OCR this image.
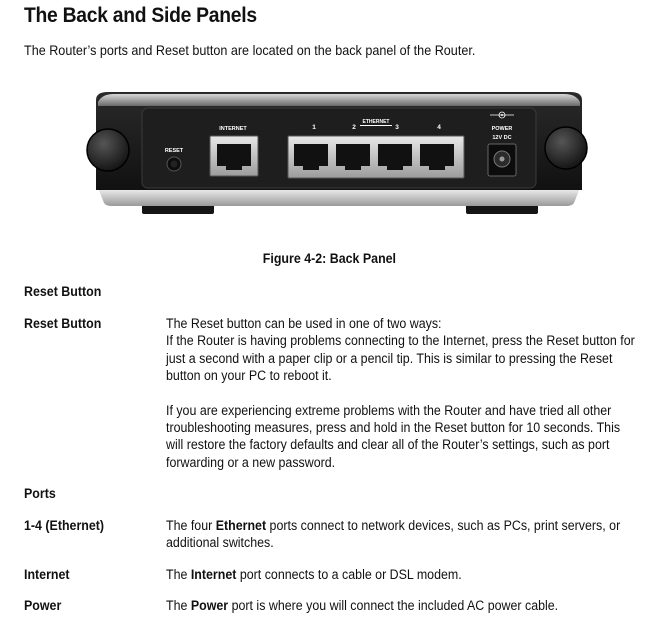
The Back and Side Panels
The Router’s ports and Reset button are located on the back panel of the Router.
RESET
INTERNET
ETHERNET
1	2	3	4	POWER
12V DC
Figure 4-2: Back Panel
Reset Button
Reset Button	The Reset button can be used in one of two ways:
If the Router is having problems connecting to the Internet, press the Reset button for just a second with a paper clip or a pencil tip. This is similar to pressing the Reset button on your PC to reboot it.

If you are experiencing extreme problems with the Router and have tried all other troubleshooting measures, press and hold in the Reset button for 10 seconds. This will restore the factory defaults and clear all of the Router’s settings, such as port forwarding or a new password.

Ports
1-4 (Ethernet)	The four Ethernet ports connect to network devices, such as PCs, print servers, or additional switches.
Internet	The Internet port connects to a cable or DSL modem.
Power	The Power port is where you will connect the included AC power cable.
